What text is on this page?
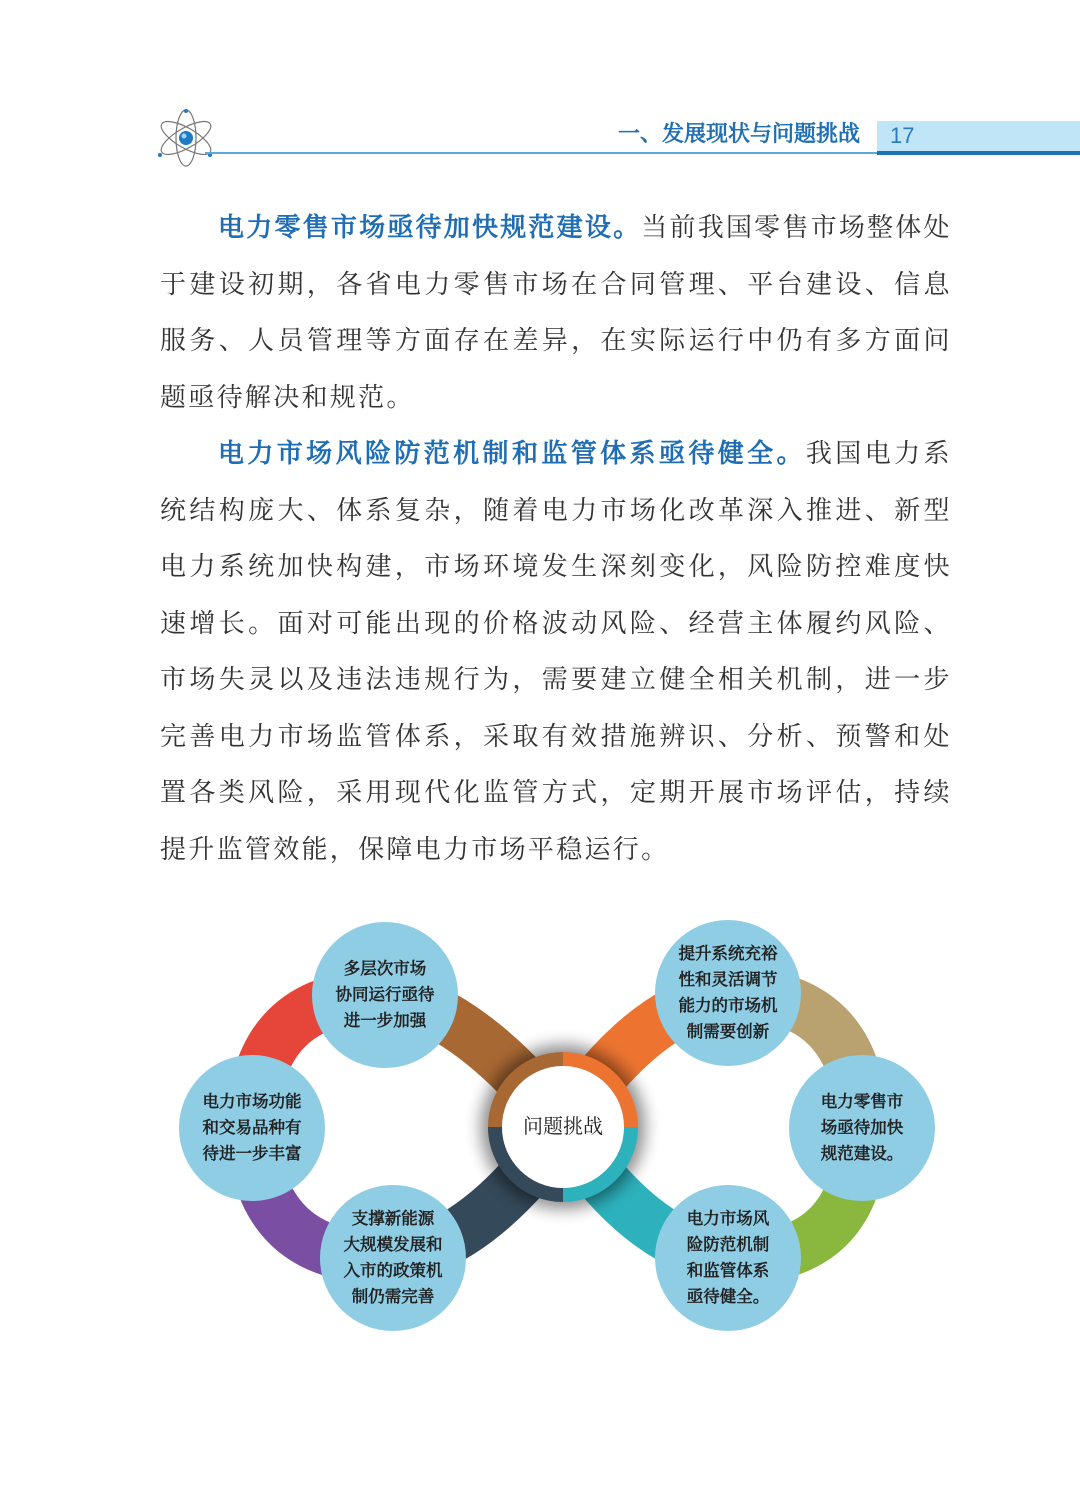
一、发展现状与问题挑战 17
电力零售市场亟待加快规范建设。当前我国零售市场整体处
于建设初期，各省电力零售市场在合同管理、平台建设、信息
服务、人员管理等方面存在差异，在实际运行中仍有多方面问
题亟待解决和规范。
电力市场风险防范机制和监管体系亟待健全。我国电力系
统结构庞大、体系复杂，随着电力市场化改革深入推进、新型
电力系统加快构建，市场环境发生深刻变化，风险防控难度快
速增长。面对可能出现的价格波动风险、经营主体履约风险、
市场失灵以及违法违规行为，需要建立健全相关机制，进一步
完善电力市场监管体系，采取有效措施辨识、分析、预警和处
置各类风险，采用现代化监管方式，定期开展市场评估，持续
提升监管效能，保障电力市场平稳运行。
问题挑战
多层次市场
协同运行亟待
进一步加强
电力市场功能
和交易品种有
待进一步丰富
支撑新能源
大规模发展和
入市的政策机
制仍需完善
提升系统充裕
性和灵活调节
能力的市场机
制需要创新
电力零售市
场亟待加快
规范建设。
电力市场风
险防范机制
和监管体系
亟待健全。
